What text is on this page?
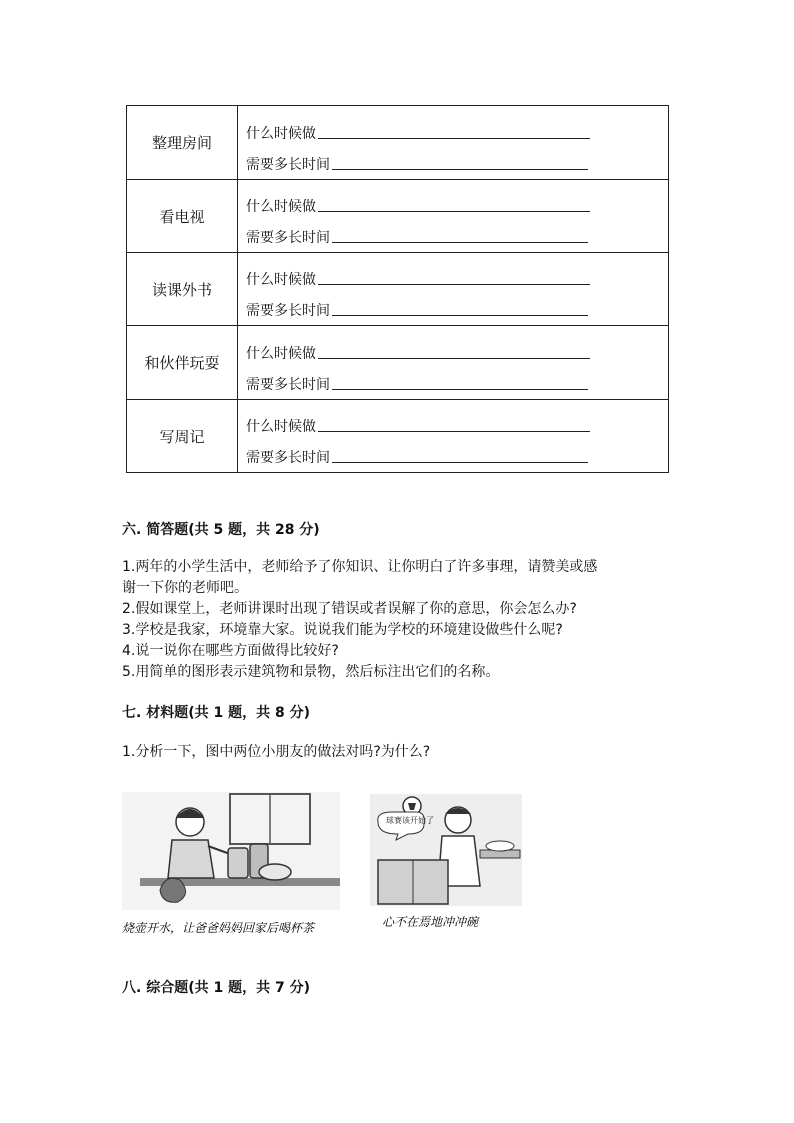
整理房间	什么时候做
需要多长时间

看电视	什么时候做
需要多长时间

读课外书	什么时候做
需要多长时间

和伙伴玩耍	什么时候做
需要多长时间

写周记	什么时候做
需要多长时间
六. 简答题(共 5 题，共 28 分)
1.两年的小学生活中，老师给予了你知识、让你明白了许多事理，请赞美或感
谢一下你的老师吧。
2.假如课堂上，老师讲课时出现了错误或者误解了你的意思，你会怎么办?
3.学校是我家，环境靠大家。说说我们能为学校的环境建设做些什么呢?
4.说一说你在哪些方面做得比较好?
5.用简单的图形表示建筑物和景物，然后标注出它们的名称。
七. 材料题(共 1 题，共 8 分)
1.分析一下，图中两位小朋友的做法对吗?为什么?
烧壶开水，让爸爸妈妈回家后喝杯茶
球赛该开始了
心不在焉地冲冲碗
八. 综合题(共 1 题，共 7 分)
